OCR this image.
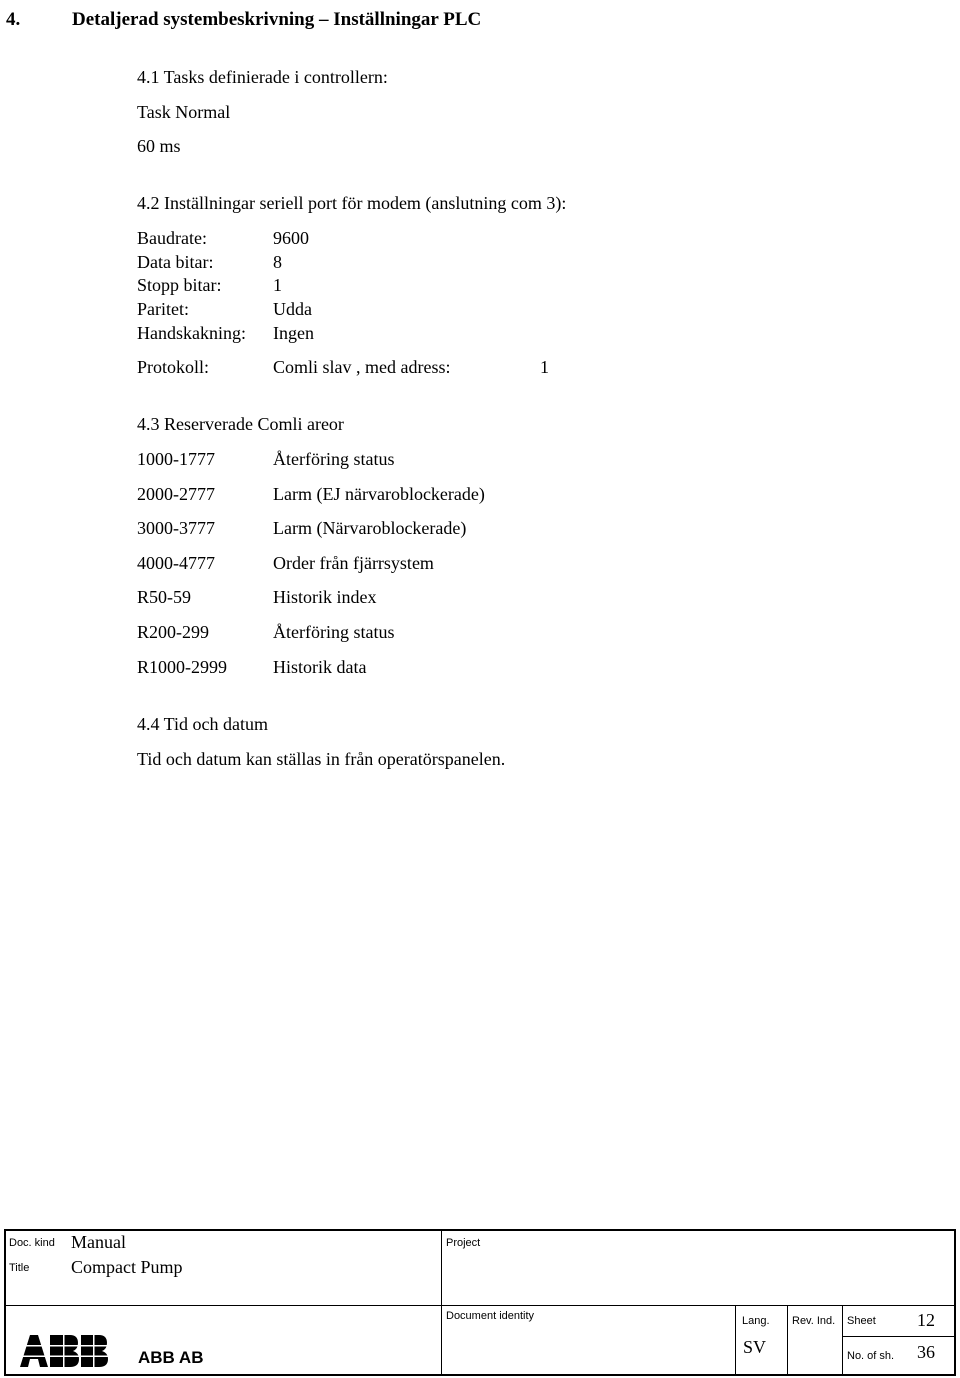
4.	Detaljerad systembeskrivning – Inställningar PLC
4.1 Tasks definierade i controllern:
Task Normal
60 ms
4.2 Inställningar seriell port för modem (anslutning com 3):
Baudrate:	9600
Data bitar:	8
Stopp bitar:	1
Paritet:	Udda
Handskakning: Ingen
Protokoll:	Comli slav , med adress:	1
4.3 Reserverade Comli areor
1000-1777	Återföring status
2000-2777	Larm (EJ närvaroblockerade)
3000-3777	Larm (Närvaroblockerade)
4000-4777	Order från fjärrsystem
R50-59	Historik index
R200-299	Återföring status
R1000-2999	Historik data
4.4 Tid och datum
Tid och datum kan ställas in från operatörspanelen.
Doc. kind Manual
Title Compact Pump
Project
Document identity
ABB AB
Lang.
SV
Rev. Ind. Sheet 12
No. of sh. 36
